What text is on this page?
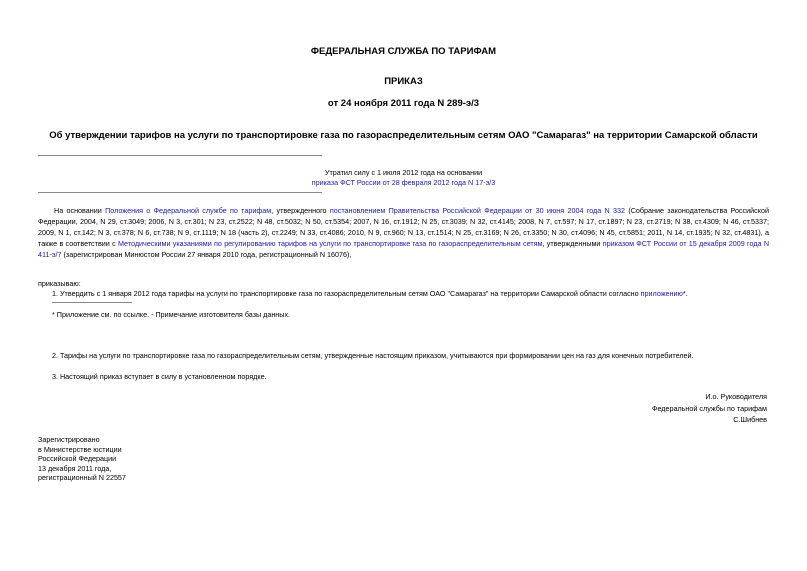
ФЕДЕРАЛЬНАЯ СЛУЖБА ПО ТАРИФАМ
ПРИКАЗ
от 24 ноября 2011 года N 289-э/3
Об утверждении тарифов на услуги по транспортировке газа по газораспределительным сетям ОАО "Самарагаз" на территории Самарской области
Утратил силу с 1 июля 2012 года на основании
приказа ФСТ России от 28 февраля 2012 года N 17-э/3
На основании Положения о Федеральной службе по тарифам, утвержденного постановлением Правительства Российской Федерации от 30 июня 2004 года N 332 (Собрание законодательства Российской Федерации, 2004, N 29, ст.3049; 2006, N 3, ст.301; N 23, ст.2522; N 48, ст.5032; N 50, ст.5354; 2007, N 16, ст.1912; N 25, ст.3039; N 32, ст.4145; 2008, N 7, ст.597; N 17, ст.1897; N 23, ст.2719; N 38, ст.4309; N 46, ст.5337; 2009, N 1, ст.142; N 3, ст.378; N 6, ст.738; N 9, ст.1119; N 18 (часть 2), ст.2249; N 33, ст.4086; 2010, N 9, ст.960; N 13, ст.1514; N 25, ст.3169; N 26, ст.3350; N 30, ст.4096; N 45, ст.5851; 2011, N 14, ст.1935; N 32, ст.4831), а также в соответствии с Методическими указаниями по регулированию тарифов на услуги по транспортировке газа по газораспределительным сетям, утвержденными приказом ФСТ России от 15 декабря 2009 года N 411-э/7 (зарегистрирован Минюстом России 27 января 2010 года, регистрационный N 16076),
приказываю:
1. Утвердить с 1 января 2012 года тарифы на услуги по транспортировке газа по газораспределительным сетям ОАО "Самарагаз" на территории Самарской области согласно приложению*.
* Приложение см. по ссылке. - Примечание изготовителя базы данных.
2. Тарифы на услуги по транспортировке газа по газораспределительным сетям, утвержденные настоящим приказом, учитываются при формировании цен на газ для конечных потребителей.
3. Настоящий приказ вступает в силу в установленном порядке.
И.о. Руководителя
Федеральной службы по тарифам
С.Шибнев
Зарегистрировано
в Министерстве юстиции
Российской Федерации
13 декабря 2011 года,
регистрационный N 22557
